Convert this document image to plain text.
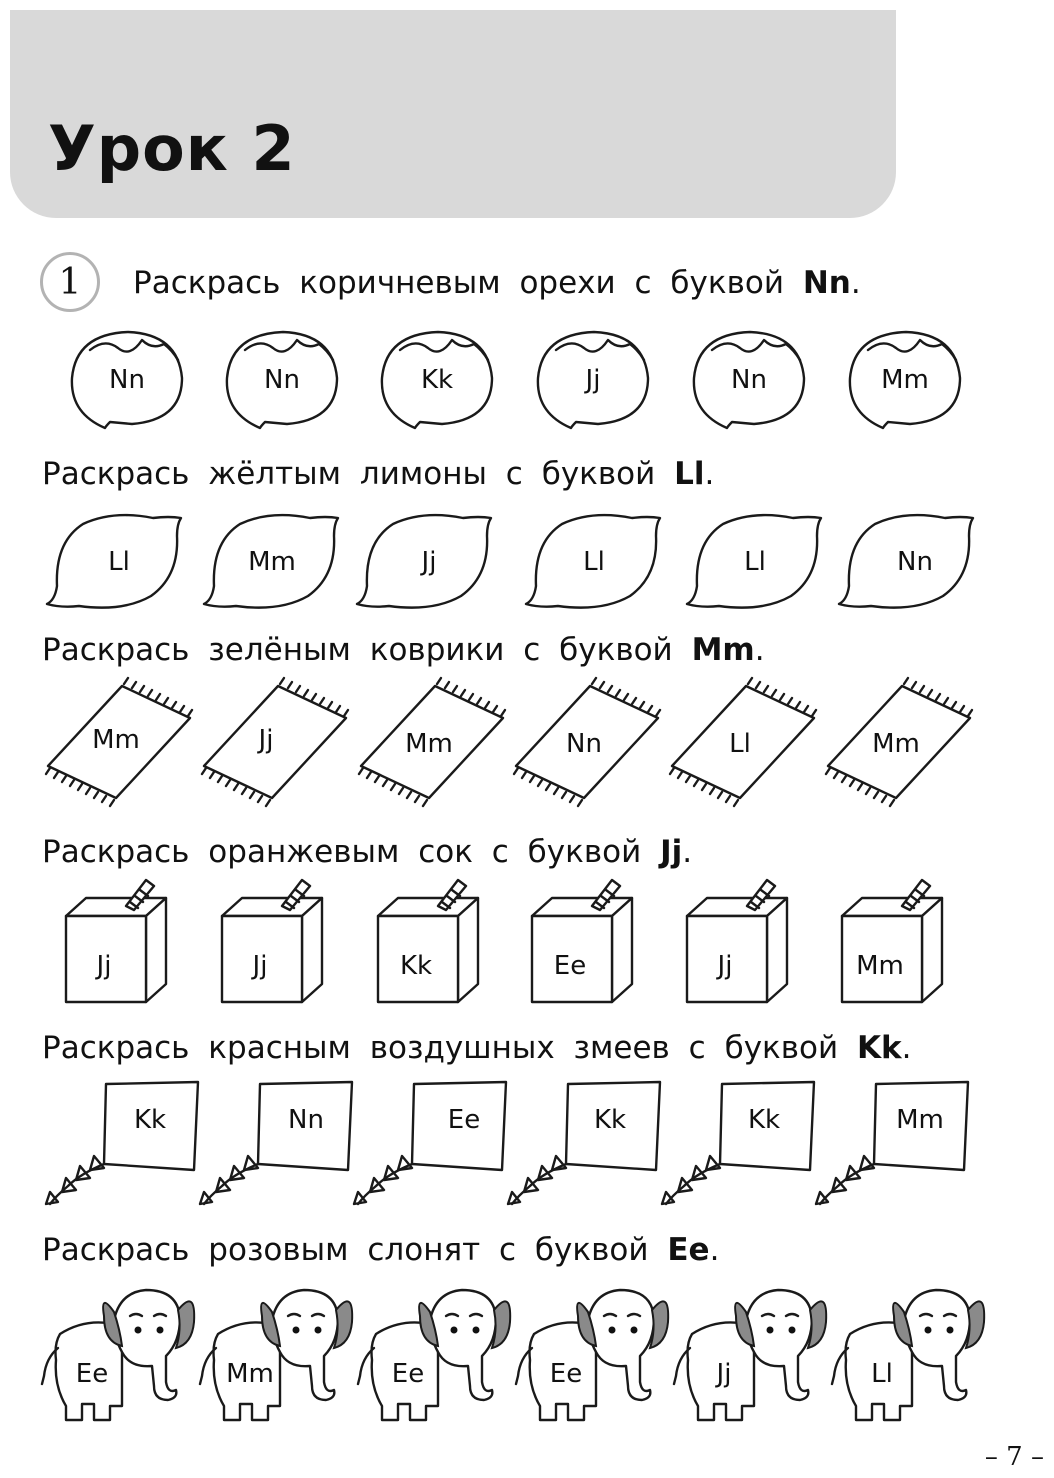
Урок 2
1	Раскрась коричневым орехи с буквой Nn.
Раскрась жёлтым лимоны с буквой Ll.
Раскрась зелёным коврики с буквой Mm.
Раскрась оранжевым сок с буквой Jj.
Раскрась красным воздушных змеев с буквой Kk.
Раскрась розовым слонят с буквой Ee.
Nn	Nn	Kk	Jj	Nn	Mm
Ll	Mm	Jj	Ll	Ll	Nn
Mm	Jj	Mm	Nn	Ll	Mm
Jj	Jj	Kk	Ee	Jj	Mm
Kk	Nn	Ee	Kk	Kk	Mm
Ee	Mm	Ee	Ee	Jj	Ll
– 7 –
